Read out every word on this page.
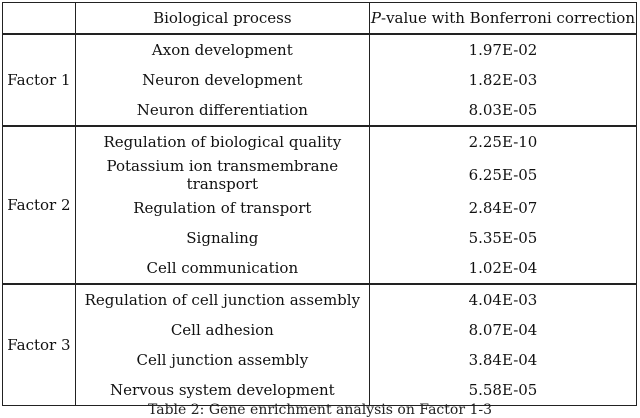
	Biological process	P-value with Bonferroni correction
Factor 1	Axon development	1.97E-02
	Neuron development	1.82E-03
	Neuron differentiation	8.03E-05
Factor 2	Regulation of biological quality	2.25E-10
	Potassium ion transmembrane transport	6.25E-05
	Regulation of transport	2.84E-07
	Signaling	5.35E-05
	Cell communication	1.02E-04
Factor 3	Regulation of cell junction assembly	4.04E-03
	Cell adhesion	8.07E-04
	Cell junction assembly	3.84E-04
	Nervous system development	5.58E-05
Table 2: Gene enrichment analysis on Factor 1-3
